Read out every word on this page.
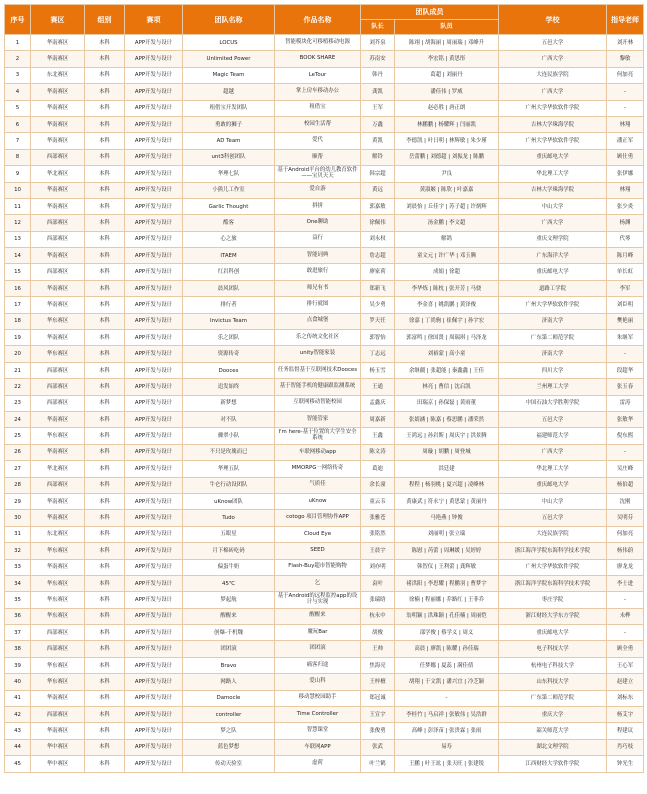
序号	赛区	组别	赛项	团队名称	作品名称	团队成员		学校	指导老师
						队长	队员		
1	华南赛区	本科	APP开发与设计	LOCUS	智能模块化可移植移动电源	刘芥泉	陈翊 | 胡海丽 | 周丽瑞 | 邓峰升	五邑大学	刘开林
2	华南赛区	本科	APP开发与设计	Unlimited Power	BOOK SHARE	苏南安	李宏铭 | 黄思彤	广西大学	黎敏
3	东北赛区	本科	APP开发与设计	Magic Team	LeTour	韩丹	葛超 | 刘丽丹	大连民族学院	何加亮
4	华南赛区	本科	APP开发与设计	超越	掌上房车移动办公	龚凯	潘佳伟 | 罗威	广西大学	-
5	华南赛区	本科	APP开发与设计	租借宝开发团队	租借宝	王军	赵必胜 | 唐正朗	广州大学华软软件学院	-
6	华南赛区	本科	APP开发与设计	勇敢的狮子	校园生活帮	万鑫	林鹏鹏 | 杨耀辉 | 闫丽凯	吉林大学珠海学院	林翔
7	华南赛区	本科	APP开发与设计	AD Team	爱代	黄凯	李德凯 | 叶日明 | 林辉敏 | 朱少瑾	广州大学华软软件学院	潘正军
8	西部赛区	本科	APP开发与设计	unt3科创团队	顺帮	解铃	岳蕾鹏 | 刘德超 | 刘振龙 | 陈鹏	重庆邮电大学	顾仕勇
9	华北赛区	本科	APP开发与设计	华理七队	基于Android平台的幼儿教育软件——宝贝天天	韩宗超	尹良	华北理工大学	张伊娜
10	华南赛区	本科	APP开发与设计	小熊儿工作室	爱自游	黄远	黄淑姬 | 陈欣 | 叶嘉嘉	吉林大学珠海学院	林翔
11	华南赛区	本科	APP开发与设计	Garlic Thought	拼拼	郭嘉敏	刘晨怡 | 丘佳宇 | 苏子超 | 许炳辉	中山大学	张少炎
12	西部赛区	本科	APP开发与设计	酷客	One聊助	徐佩伟	汤金鹏 | 李文超	广西大学	杨渊
13	西部赛区	本科	APP开发与设计	心之旅	益行	刘永权	解鸽	重庆文理学院	代琴
14	华南赛区	本科	APP开发与设计	ITAEM	智能词典	詹志超	童文元 | 许广华 | 邓玉腾	广东海洋大学	陈月峰
15	西部赛区	本科	APP开发与设计	红岩科创	敢进旅行	廖家荷	成娟 | 徐超	重庆邮电大学	单长虹
16	华南赛区	本科	APP开发与设计	晨风团队	师兄有书	郑新飞	李华炼 | 陈枕 | 张开芳 | 马骁	道路工学院	李军
17	华南赛区	本科	APP开发与设计	排行者	排行就图	吴少勇	李金喜 | 姚凯鹏 | 黄泽俊	广州大学华软软件学院	刘臣明
18	华东赛区	本科	APP开发与设计	Invictus Team	点食城堡	罗天任	徐嘉 | 丁尚驹 | 崔佩宇 | 孙宇宏	济南大学	樊艳丽
19	华南赛区	本科	APP开发与设计	乐之团队	乐之传统文化社区	郭智怡	郭富鸣 | 徐国贤 | 周瑞琪 | 马泽龙	广东第二师范学院	朱继军
20	华东赛区	本科	APP开发与设计	资源传奇	unity智能家装	丁志远	刘裕蒙 | 高小童	济南大学	-
21	西部赛区	本科	APP开发与设计	Dooces	任务监督基于互联网技术Dooces	杨玉雪	余继疆 | 张超能 | 秦鑫鑫 | 王佳	四川大学	段超华
22	西部赛区	本科	APP开发与设计	追发始终	基于智能手机的健康跟监测系统	王通	林亮 | 曹信 | 沈启凯	兰州理工大学	张玉春
23	西部赛区	本科	APP开发与设计	新梦想	互联网移动智能校园	孟鑫庆	田瑞京 | 孙保磊 | 黄雨董	中国石油大学胜利学院	雷涛
24	华南赛区	本科	APP开发与设计	对不队	智能管家	周嘉新	张婧涵 | 陈嘉 | 蔡思鹏 | 潘荣然	五邑大学	张敏华
25	华东赛区	本科	APP开发与设计	骤翠小队	I'm here-基于位置的大学生安全系统	王鑫	王鸿远 | 孙岩斯 | 周庆宇 | 洪景腾	福建师范大学	倪东熙
26	华南赛区	本科	APP开发与设计	不只是玫瑰而已	车联网移动app	陈文涛	周璇 | 胡鹏 | 周登城	广西大学	-
27	华北赛区	本科	APP开发与设计	华理五队	MMORPG一网络传奇	葛迪	洪廷建	华北理工大学	吴庄峰
28	西部赛区	本科	APP开发与设计	牛仑行动设团队	气质佳	余长潼	程程 | 杨羽桃 | 夏兴超 | 凌峰林	重庆邮电大学	杨伯超
29	华南赛区	本科	APP开发与设计	uKnow团队	uKnow	童云韦	黄康武 | 符永宁 | 黄思蒙 | 黄丽丹	中山大学	沈刚
30	华南赛区	本科	APP开发与设计	Tudo	cotogo 项目管理协作APP	张雅苍	马艳燕 | 钟俊	五邑大学	吴明芬
31	东北赛区	本科	APP开发与设计	五眼星	Cloud Eye	张铭然	刘丽明 | 张立瑞	大连民族学院	何加亮
32	华东赛区	本科	APP开发与设计	月下棉砖吃码	SEED	王晨宇	陈慰 | 芮蕾 | 周琳媛 | 吴婷婷	浙江海洋学院东海科学技术学院	杨伟蔚
33	华南赛区	本科	APP开发与设计	偏蛋牛奶	Flash-Buy超市智能购物	刘亦明	韩智仪 | 王利蕾 | 龚辉敏	广州大学华软软件学院	廖龙龙
34	华东赛区	本科	APP开发与设计	45℃	乞	袁叶	褚洪阳 | 李思耀 | 程鹏羽 | 曹梦宇	浙江海洋学院东海科学技术学院	李士进
35	华东赛区	本科	APP开发与设计	梦起航	基于Android的远程监控app的设计与实现	张瑞晗	徐楠 | 程丽娜 | 乔路红 | 王菲乔	枣庄学院	-
36	华东赛区	本科	APP开发与设计	醒醒来	醒醒来	杭永中	翁明颖 | 洪珠颖 | 孔佳楠 | 周丽恺	浙江财经大学东方学院	未桦
37	西部赛区	本科	APP开发与设计	创爆-千机魏	魔玩Bar	胡俊	邵学俊 | 蔡学义 | 周义	重庆邮电大学	-
38	西部赛区	本科	APP开发与设计	团团滚	团团滚	王帅	高晨 | 廖凯 | 陈耀 | 孙佳瑞	电子科技大学	顾全勇
39	华东赛区	本科	APP开发与设计	Bravo	痛客归途	焦海亮	任梦娜 | 夏蕊 | 满佳倩	杭州电子科技大学	王心军
40	华东赛区	本科	APP开发与设计	网路人	爱山科	王梓檀	胡翔 | 于文凯 | 潘兴宜 | 冷芝颖	山东科技大学	赵建立
41	华南赛区	本科	APP开发与设计	Damocle	移动慧校园助手	郑冠诚	-	广东第二师范学院	刘标东
42	西部赛区	本科	APP开发与设计	controller	Time Controller	王宣宇	李桂竹 | 马启祥 | 张敏伟 | 吴浩群	重庆大学	杨艾宇
43	华南赛区	本科	APP开发与设计	梦之队	智慧课堂	张俊勇	高峰 | 彭泽苗 | 张贵霖 | 张雨	韶关师范大学	程建议
44	华中赛区	本科	APP开发与设计	蓝色梦想	车联网APP	张武	易寿	湖北文理学院	肖巧枝
45	华中赛区	本科	APP开发与设计	传动天验室	虚荷	叶兰鹤	王鹏 | 叶王竑 | 张天旺 | 张建锐	江西财经大学软件学院	钟光生
